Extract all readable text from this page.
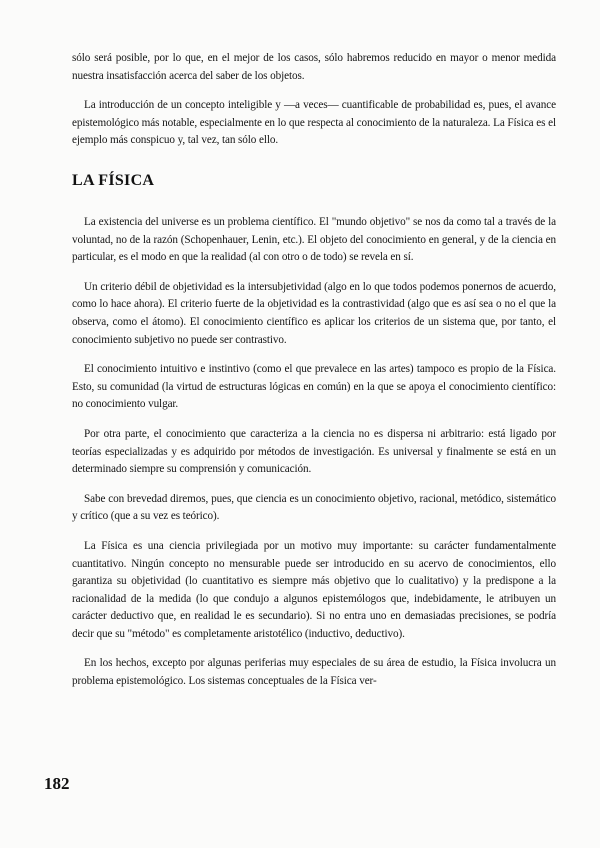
sólo será posible, por lo que, en el mejor de los casos, sólo habremos reducido en mayor o menor medida nuestra insatisfacción acerca del saber de los objetos.

La introducción de un concepto inteligible y —a veces— cuantificable de probabilidad es, pues, el avance epistemológico más notable, especialmente en lo que respecta al conocimiento de la naturaleza. La Física es el ejemplo más conspicuo y, tal vez, tan sólo ello.

LA FÍSICA

La existencia del universe es un problema científico. El "mundo objetivo" se nos da como tal a través de la voluntad, no de la razón (Schopenhauer, Lenin, etc.). El objeto del conocimiento en general, y de la ciencia en particular, es el modo en que la realidad (al con otro o de todo) se revela en sí.

Un criterio débil de objetividad es la intersubjetividad (algo en lo que todos podemos ponernos de acuerdo, como lo hace ahora). El criterio fuerte de la objetividad es la contrastividad (algo que es así sea o no el que la observa, como el átomo). El conocimiento científico es aplicar los criterios de un sistema que, por tanto, el conocimiento subjetivo no puede ser contrastivo.

El conocimiento intuitivo e instintivo (como el que prevalece en las artes) tampoco es propio de la Física. Esto, su comunidad (la virtud de estructuras lógicas en común) en la que se apoya el conocimiento científico: no conocimiento vulgar.

Por otra parte, el conocimiento que caracteriza a la ciencia no es dispersa ni arbitrario: está ligado por teorías especializadas y es adquirido por métodos de investigación. Es universal y finalmente se está en un determinado siempre su comprensión y comunicación.

Sabe con brevedad diremos, pues, que ciencia es un conocimiento objetivo, racional, metódico, sistemático y crítico (que a su vez es teórico).

La Física es una ciencia privilegiada por un motivo muy importante: su carácter fundamentalmente cuantitativo. Ningún concepto no mensurable puede ser introducido en su acervo de conocimientos, ello garantiza su objetividad (lo cuantitativo es siempre más objetivo que lo cualitativo) y la predispone a la racionalidad de la medida (lo que condujo a algunos epistemólogos que, indebidamente, le atribuyen un carácter deductivo que, en realidad le es secundario). Si no entra uno en demasiadas precisiones, se podría decir que su "método" es completamente aristotélico (inductivo, deductivo).

En los hechos, excepto por algunas periferias muy especiales de su área de estudio, la Física involucra un problema epistemológico. Los sistemas conceptuales de la Física ver-

182
